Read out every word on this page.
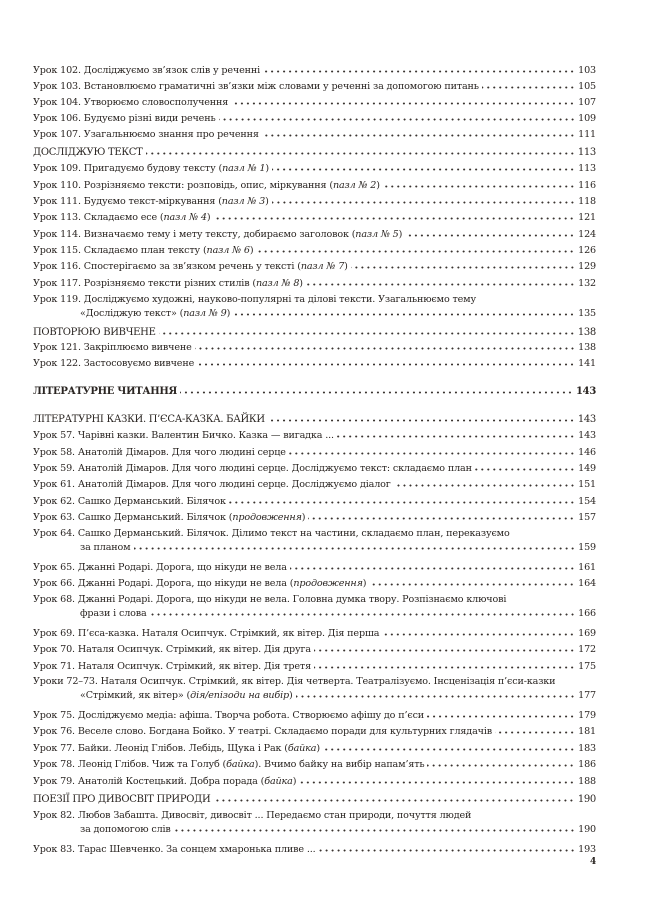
Урок 102. Досліджуємо зв’язок слів у реченні	103
Урок 103. Встановлюємо граматичні зв’язки між словами у реченні за допомогою питань	105
Урок 104. Утворюємо словосполучення	107
Урок 106. Будуємо різні види речень	109
Урок 107. Узагальнюємо знання про речення	111
ДОСЛІДЖУЮ ТЕКСТ	113
Урок 109. Пригадуємо будову тексту (пазл № 1)	113
Урок 110. Розрізняємо тексти: розповідь, опис, міркування (пазл № 2)	116
Урок 111. Будуємо текст-міркування (пазл № 3)	118
Урок 113. Складаємо есе (пазл № 4)	121
Урок 114. Визначаємо тему і мету тексту, добираємо заголовок (пазл № 5)	124
Урок 115. Складаємо план тексту (пазл № 6)	126
Урок 116. Спостерігаємо за зв’язком речень у тексті (пазл № 7)	129
Урок 117. Розрізняємо тексти різних стилів (пазл № 8)	132
Урок 119. Досліджуємо художні, науково-популярні та ділові тексти. Узагальнюємо тему
«Досліджую текст» (пазл № 9)	135
ПОВТОРЮЮ ВИВЧЕНЕ	138
Урок 121. Закріплюємо вивчене	138
Урок 122. Застосовуємо вивчене	141
ЛІТЕРАТУРНЕ ЧИТАННЯ	143
ЛІТЕРАТУРНІ КАЗКИ. П’ЄСА-КАЗКА. БАЙКИ	143
Урок 57. Чарівні казки. Валентин Бичко. Казка — вигадка ...	143
Урок 58. Анатолій Дімаров. Для чого людині серце	146
Урок 59. Анатолій Дімаров. Для чого людині серце. Досліджуємо текст: складаємо план	149
Урок 61. Анатолій Дімаров. Для чого людині серце. Досліджуємо діалог	151
Урок 62. Сашко Дерманський. Білячок	154
Урок 63. Сашко Дерманський. Білячок (продовження)	157
Урок 64. Сашко Дерманський. Білячок. Ділимо текст на частини, складаємо план, переказуємо
за планом	159
Урок 65. Джанні Родарі. Дорога, що нікуди не вела	161
Урок 66. Джанні Родарі. Дорога, що нікуди не вела (продовження)	164
Урок 68. Джанні Родарі. Дорога, що нікуди не вела. Головна думка твору. Розпізнаємо ключові
фрази і слова	166
Урок 69. П’єса-казка. Наталя Осипчук. Стрімкий, як вітер. Дія перша	169
Урок 70. Наталя Осипчук. Стрімкий, як вітер. Дія друга	172
Урок 71. Наталя Осипчук. Стрімкий, як вітер. Дія третя	175
Уроки 72–73. Наталя Осипчук. Стрімкий, як вітер. Дія четверта. Театралізуємо. Інсценізація п’єси-казки
«Стрімкий, як вітер» (дія/епізоди на вибір)	177
Урок 75. Досліджуємо медіа: афіша. Творча робота. Створюємо афішу до п’єси	179
Урок 76. Веселе слово. Богдана Бойко. У театрі. Складаємо поради для культурних глядачів	181
Урок 77. Байки. Леонід Глібов. Лебідь, Щука і Рак (байка)	183
Урок 78. Леонід Глібов. Чиж та Голуб (байка). Вчимо байку на вибір напам’ять	186
Урок 79. Анатолій Костецький. Добра порада (байка)	188
ПОЕЗІЇ ПРО ДИВОСВІТ ПРИРОДИ	190
Урок 82. Любов Забашта. Дивосвіт, дивосвіт ... Передаємо стан природи, почуття людей
за допомогою слів	190
Урок 83. Тарас Шевченко. За сонцем хмаронька пливе ...	193
4
